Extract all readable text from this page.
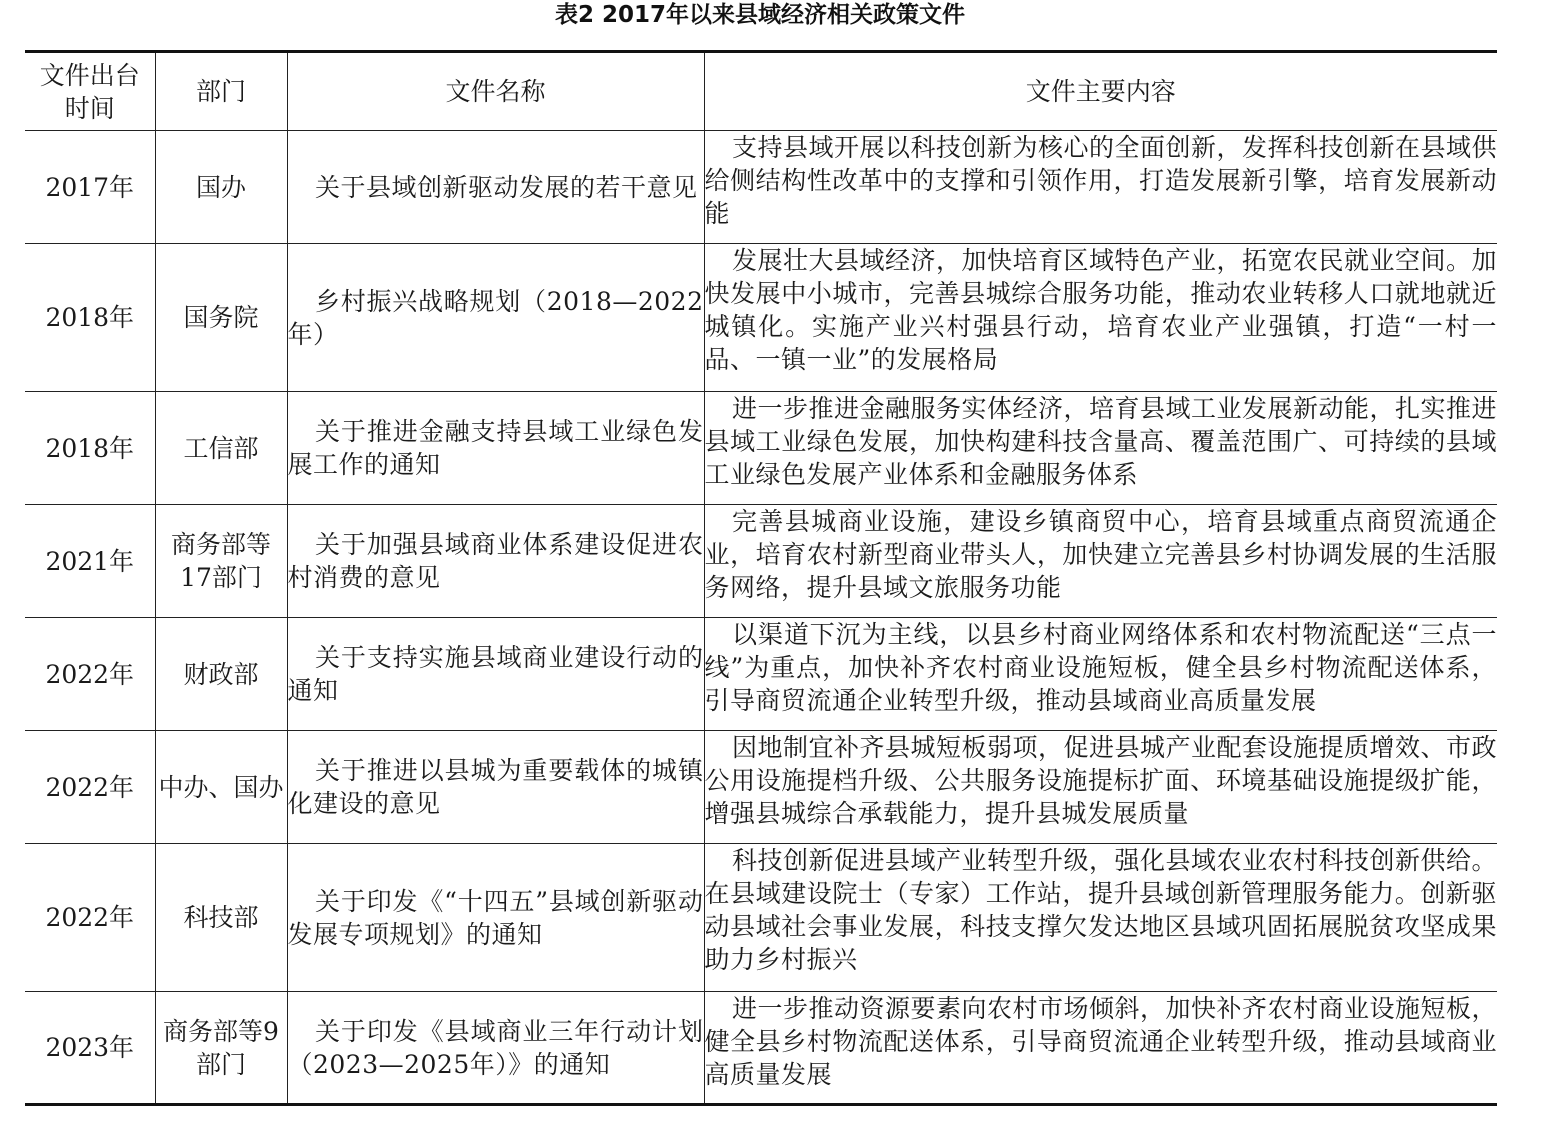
表2 2017年以来县域经济相关政策文件
文件出台时间	部门	文件名称	文件主要内容
2017年	国办	关于县域创新驱动发展的若干意见	支持县域开展以科技创新为核心的全面创新，发挥科技创新在县域供给侧结构性改革中的支撑和引领作用，打造发展新引擎，培育发展新动能
2018年	国务院	乡村振兴战略规划（2018—2022年）	发展壮大县域经济，加快培育区域特色产业，拓宽农民就业空间。加快发展中小城市，完善县城综合服务功能，推动农业转移人口就地就近城镇化。实施产业兴村强县行动，培育农业产业强镇，打造“一村一品、一镇一业”的发展格局
2018年	工信部	关于推进金融支持县域工业绿色发展工作的通知	进一步推进金融服务实体经济，培育县域工业发展新动能，扎实推进县域工业绿色发展，加快构建科技含量高、覆盖范围广、可持续的县域工业绿色发展产业体系和金融服务体系
2021年	商务部等17部门	关于加强县域商业体系建设促进农村消费的意见	完善县城商业设施，建设乡镇商贸中心，培育县域重点商贸流通企业，培育农村新型商业带头人，加快建立完善县乡村协调发展的生活服务网络，提升县域文旅服务功能
2022年	财政部	关于支持实施县域商业建设行动的通知	以渠道下沉为主线，以县乡村商业网络体系和农村物流配送“三点一线”为重点，加快补齐农村商业设施短板，健全县乡村物流配送体系，引导商贸流通企业转型升级，推动县域商业高质量发展
2022年	中办、国办	关于推进以县城为重要载体的城镇化建设的意见	因地制宜补齐县城短板弱项，促进县城产业配套设施提质增效、市政公用设施提档升级、公共服务设施提标扩面、环境基础设施提级扩能，增强县城综合承载能力，提升县城发展质量
2022年	科技部	关于印发《“十四五”县域创新驱动发展专项规划》的通知	科技创新促进县域产业转型升级，强化县域农业农村科技创新供给。在县域建设院士（专家）工作站，提升县域创新管理服务能力。创新驱动县域社会事业发展，科技支撑欠发达地区县域巩固拓展脱贫攻坚成果助力乡村振兴
2023年	商务部等9部门	关于印发《县域商业三年行动计划（2023—2025年）》的通知	进一步推动资源要素向农村市场倾斜，加快补齐农村商业设施短板，健全县乡村物流配送体系，引导商贸流通企业转型升级，推动县域商业高质量发展
